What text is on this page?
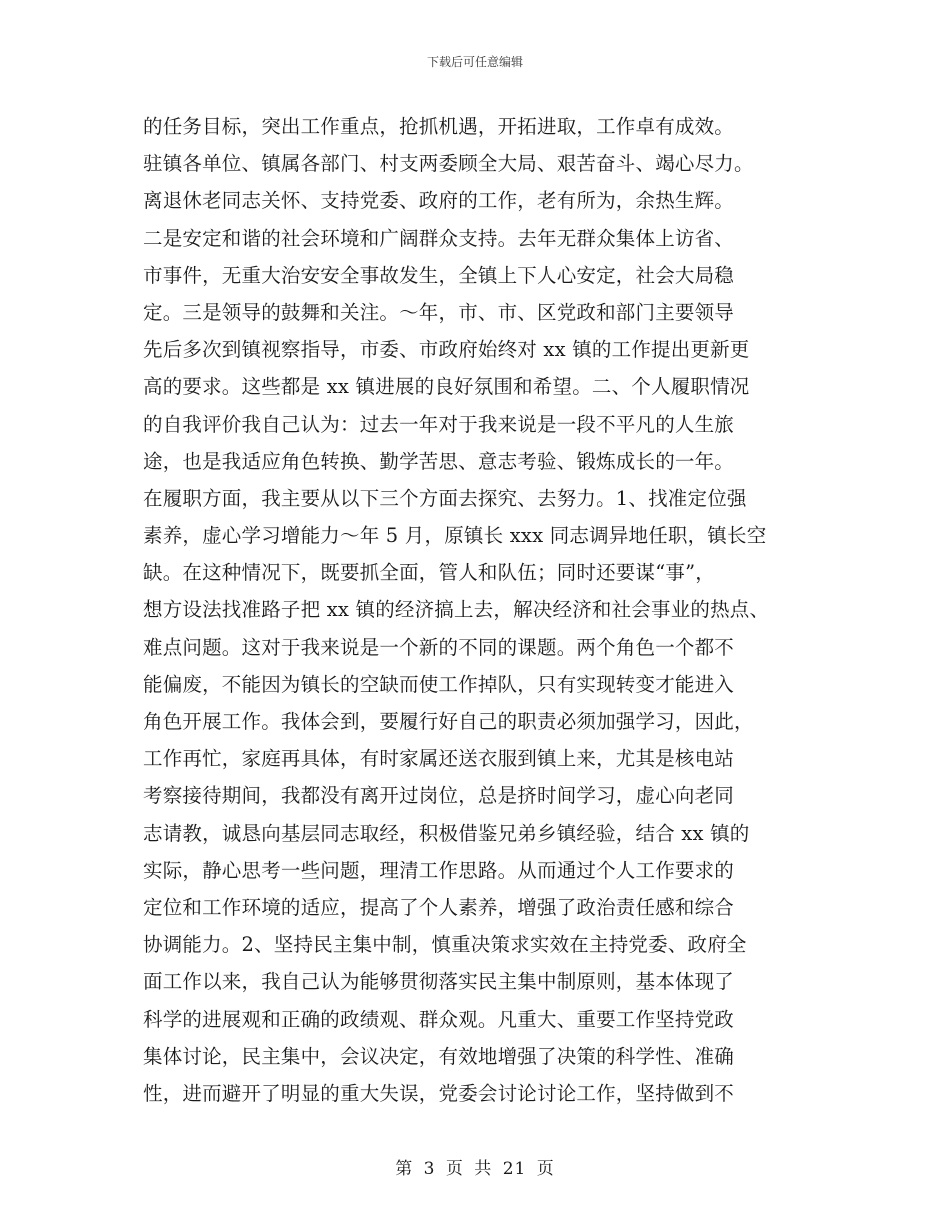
下载后可任意编辑
的任务目标，突出工作重点，抢抓机遇，开拓进取，工作卓有成效。
驻镇各单位、镇属各部门、村支两委顾全大局、艰苦奋斗、竭心尽力。
离退休老同志关怀、支持党委、政府的工作，老有所为，余热生辉。
二是安定和谐的社会环境和广阔群众支持。去年无群众集体上访省、
市事件，无重大治安安全事故发生，全镇上下人心安定，社会大局稳
定。三是领导的鼓舞和关注。～年，市、市、区党政和部门主要领导
先后多次到镇视察指导，市委、市政府始终对 xx 镇的工作提出更新更
高的要求。这些都是 xx 镇进展的良好氛围和希望。二、个人履职情况
的自我评价我自己认为：过去一年对于我来说是一段不平凡的人生旅
途，也是我适应角色转换、勤学苦思、意志考验、锻炼成长的一年。
在履职方面，我主要从以下三个方面去探究、去努力。1、找准定位强
素养，虚心学习增能力～年 5 月，原镇长 xxx 同志调异地任职，镇长空
缺。在这种情况下，既要抓全面，管人和队伍；同时还要谋“事”，
想方设法找准路子把 xx 镇的经济搞上去，解决经济和社会事业的热点、
难点问题。这对于我来说是一个新的不同的课题。两个角色一个都不
能偏废，不能因为镇长的空缺而使工作掉队，只有实现转变才能进入
角色开展工作。我体会到，要履行好自己的职责必须加强学习，因此，
工作再忙，家庭再具体，有时家属还送衣服到镇上来，尤其是核电站
考察接待期间，我都没有离开过岗位，总是挤时间学习，虚心向老同
志请教，诚恳向基层同志取经，积极借鉴兄弟乡镇经验，结合 xx 镇的
实际，静心思考一些问题，理清工作思路。从而通过个人工作要求的
定位和工作环境的适应，提高了个人素养，增强了政治责任感和综合
协调能力。2、坚持民主集中制，慎重决策求实效在主持党委、政府全
面工作以来，我自己认为能够贯彻落实民主集中制原则，基本体现了
科学的进展观和正确的政绩观、群众观。凡重大、重要工作坚持党政
集体讨论，民主集中，会议决定，有效地增强了决策的科学性、准确
性，进而避开了明显的重大失误，党委会讨论讨论工作，坚持做到不
第 3 页 共 21 页
